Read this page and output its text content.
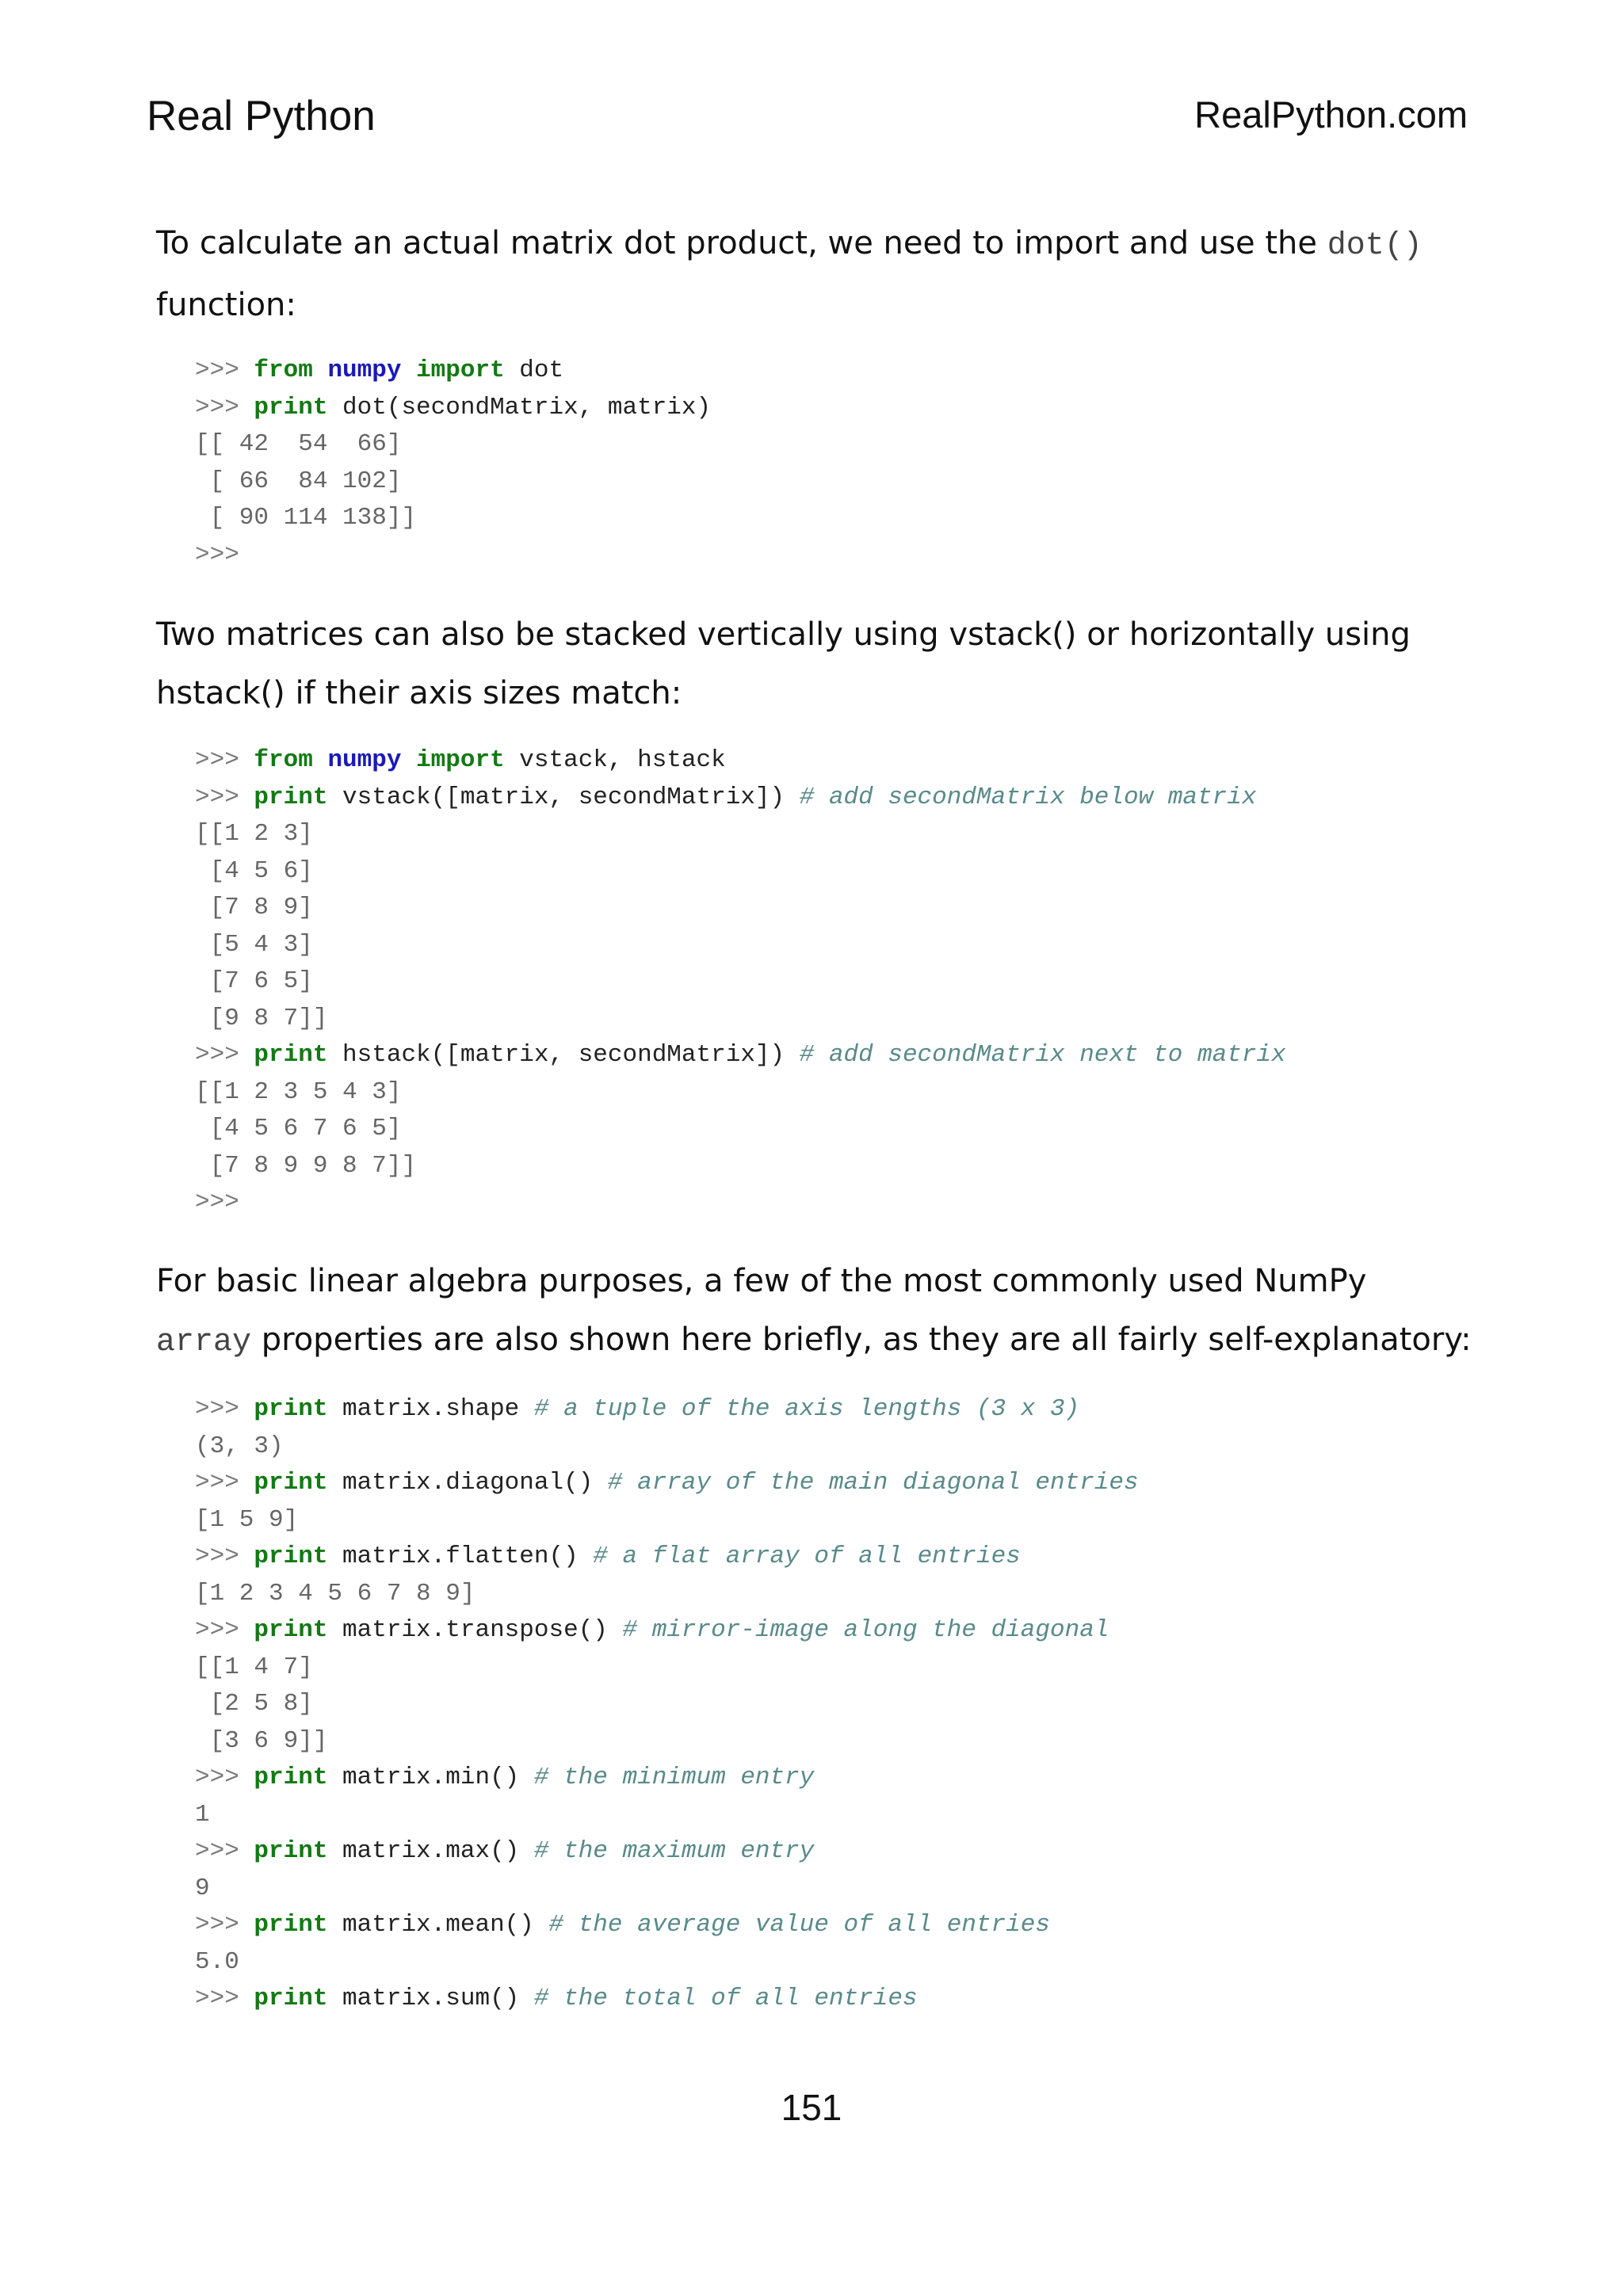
Real Python	RealPython.com

To calculate an actual matrix dot product, we need to import and use the dot() function:

>>> from numpy import dot
>>> print dot(secondMatrix, matrix)
[[ 42  54  66]
[ 66  84 102]
[ 90 114 138]]
>>>

Two matrices can also be stacked vertically using vstack() or horizontally using hstack() if their axis sizes match:

>>> from numpy import vstack, hstack
>>> print vstack([matrix, secondMatrix]) # add secondMatrix below matrix
[[1 2 3]
[4 5 6]
[7 8 9]
[5 4 3]
[7 6 5]
[9 8 7]]
>>> print hstack([matrix, secondMatrix]) # add secondMatrix next to matrix
[[1 2 3 5 4 3]
[4 5 6 7 6 5]
[7 8 9 9 8 7]]
>>>

For basic linear algebra purposes, a few of the most commonly used NumPy array properties are also shown here briefly, as they are all fairly self-explanatory:

>>> print matrix.shape # a tuple of the axis lengths (3 x 3)
(3, 3)
>>> print matrix.diagonal() # array of the main diagonal entries
[1 5 9]
>>> print matrix.flatten() # a flat array of all entries
[1 2 3 4 5 6 7 8 9]
>>> print matrix.transpose() # mirror-image along the diagonal
[[1 4 7]
[2 5 8]
[3 6 9]]
>>> print matrix.min() # the minimum entry
1
>>> print matrix.max() # the maximum entry
9
>>> print matrix.mean() # the average value of all entries
5.0
>>> print matrix.sum() # the total of all entries
151
